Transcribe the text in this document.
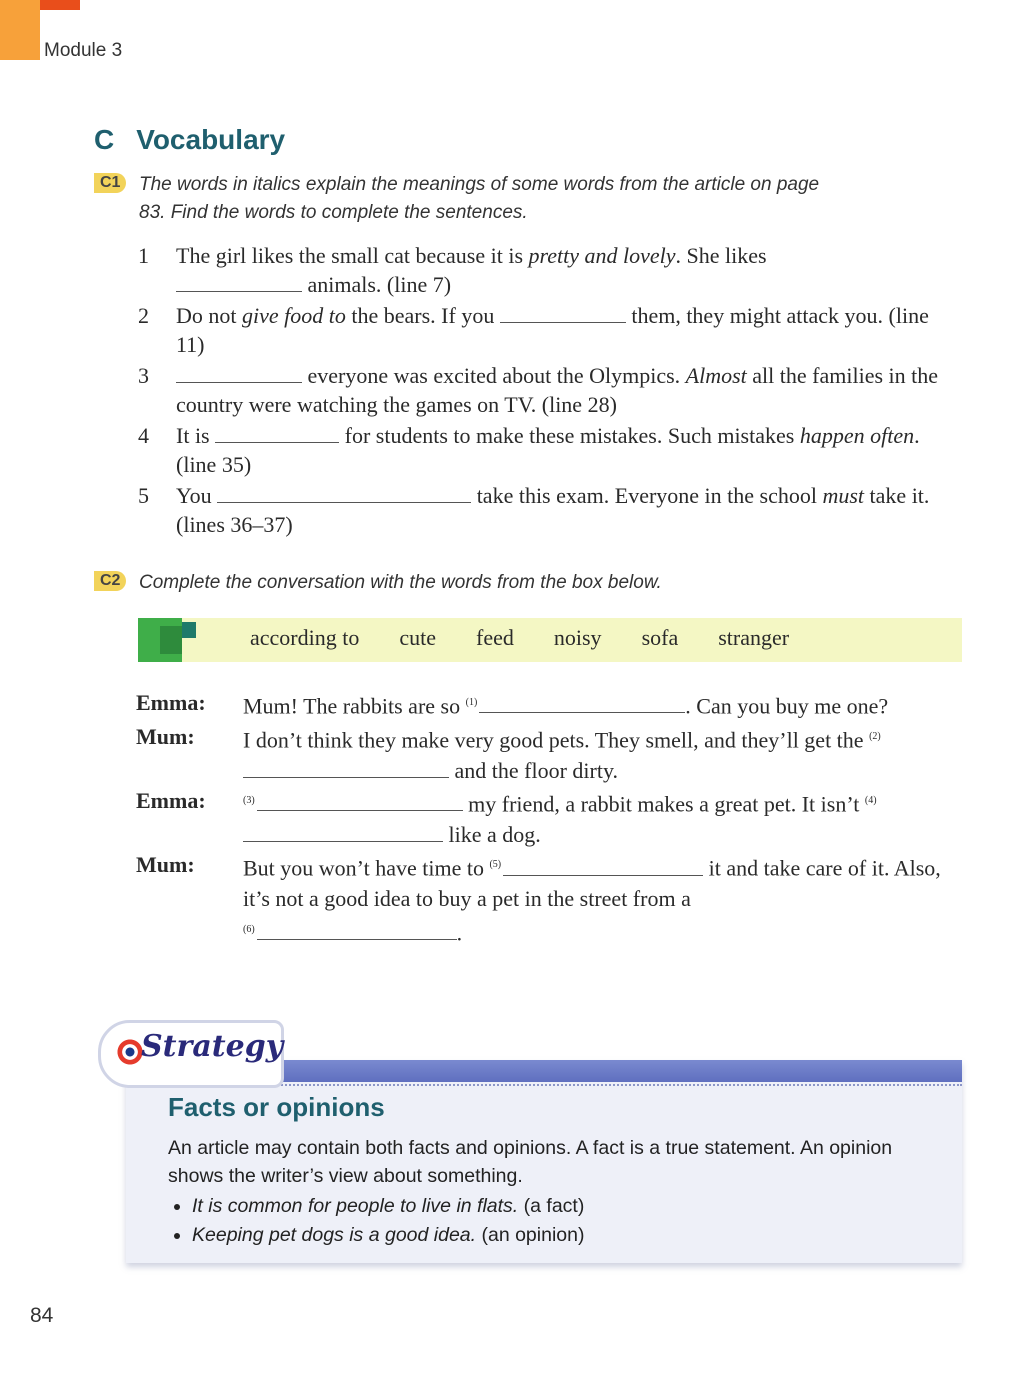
Module 3
C Vocabulary
C1 The words in italics explain the meanings of some words from the article on page
83. Find the words to complete the sentences.
1 The girl likes the small cat because it is pretty and lovely. She likes
animals. (line 7)
2 Do not give food to the bears. If you	them, they might attack you. (line 11)
3	everyone was excited about the Olympics. Almost all the families in the country were watching the games on TV. (line 28)
4 It is	for students to make these mistakes. Such mistakes happen often. (line 35)
5 You	take this exam. Everyone in the school must take it. (lines 36–37)
C2 Complete the conversation with the words from the box below.
according to cute feed noisy sofa stranger
Emma:	Mum! The rabbits are so $^{(1)}$	. Can you buy me one?
Mum:	I don’t think they make very good pets. They smell, and they’ll get the $^{(2)}$ and the floor dirty.
Emma:	$^{(3)}$	my friend, a rabbit makes a great pet. It isn’t $^{(4)}$ like a dog.
Mum:	But you won’t have time to $^{(5)}$	it and take care of it. Also, it’s not a good idea to buy a pet in the street from a
$^{(6)}$	.
Strategy
Facts or opinions
An article may contain both facts and opinions. A fact is a true statement. An opinion shows the writer’s view about something.
• It is common for people to live in flats. (a fact)
• Keeping pet dogs is a good idea. (an opinion)
84
